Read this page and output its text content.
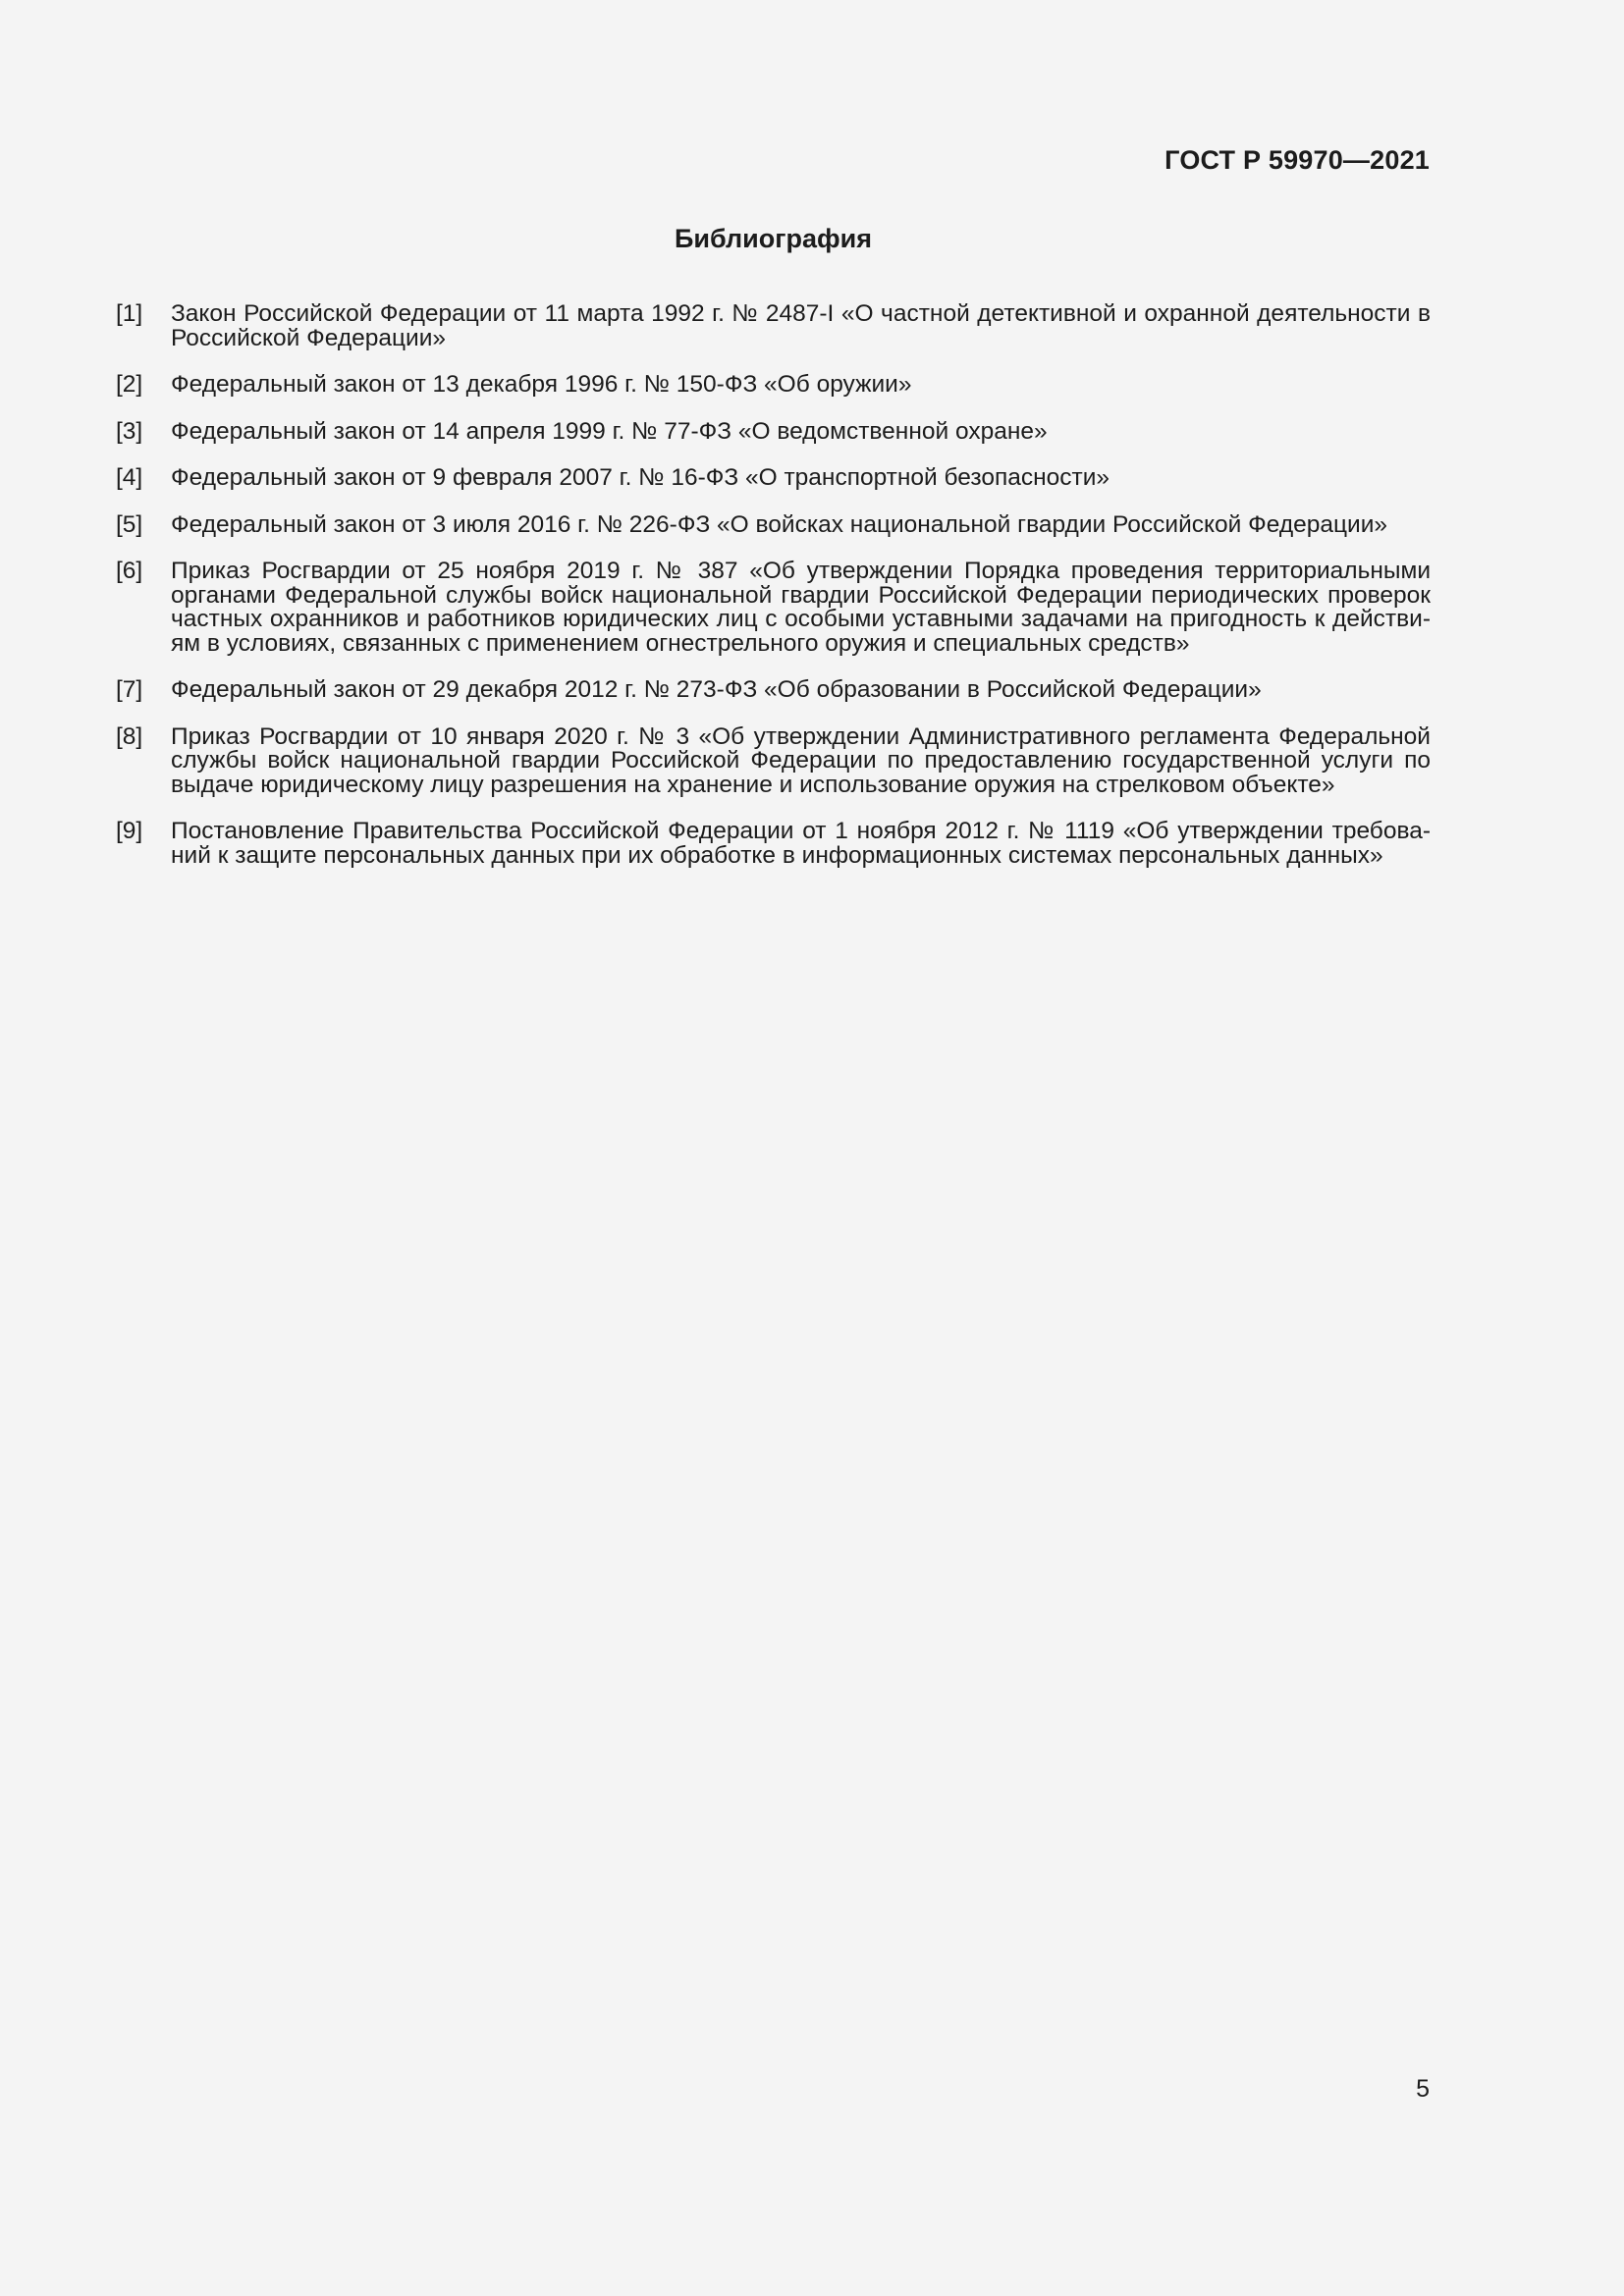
ГОСТ Р 59970—2021
Библиография
[1]	Закон Российской Федерации от 11 марта 1992 г. № 2487-I «О частной детективной и охранной деятельности в Российской Федерации»
[2]	Федеральный закон от 13 декабря 1996 г. № 150-ФЗ «Об оружии»
[3]	Федеральный закон от 14 апреля 1999 г. № 77-ФЗ «О ведомственной охране»
[4]	Федеральный закон от 9 февраля 2007 г. № 16-ФЗ «О транспортной безопасности»
[5]	Федеральный закон от 3 июля 2016 г. № 226-ФЗ «О войсках национальной гвардии Российской Федерации»
[6]	Приказ Росгвардии от 25 ноября 2019 г. № 387 «Об утверждении Порядка проведения территориальными органами Федеральной службы войск национальной гвардии Российской Федерации периодических проверок частных охранников и работников юридических лиц с особыми уставными задачами на пригодность к действиям в условиях, связанных с применением огнестрельного оружия и специальных средств»
[7]	Федеральный закон от 29 декабря 2012 г. № 273-ФЗ «Об образовании в Российской Федерации»
[8]	Приказ Росгвардии от 10 января 2020 г. № 3 «Об утверждении Административного регламента Федеральной службы войск национальной гвардии Российской Федерации по предоставлению государственной услуги по выдаче юридическому лицу разрешения на хранение и использование оружия на стрелковом объекте»
[9]	Постановление Правительства Российской Федерации от 1 ноября 2012 г. № 1119 «Об утверждении требований к защите персональных данных при их обработке в информационных системах персональных данных»
5
